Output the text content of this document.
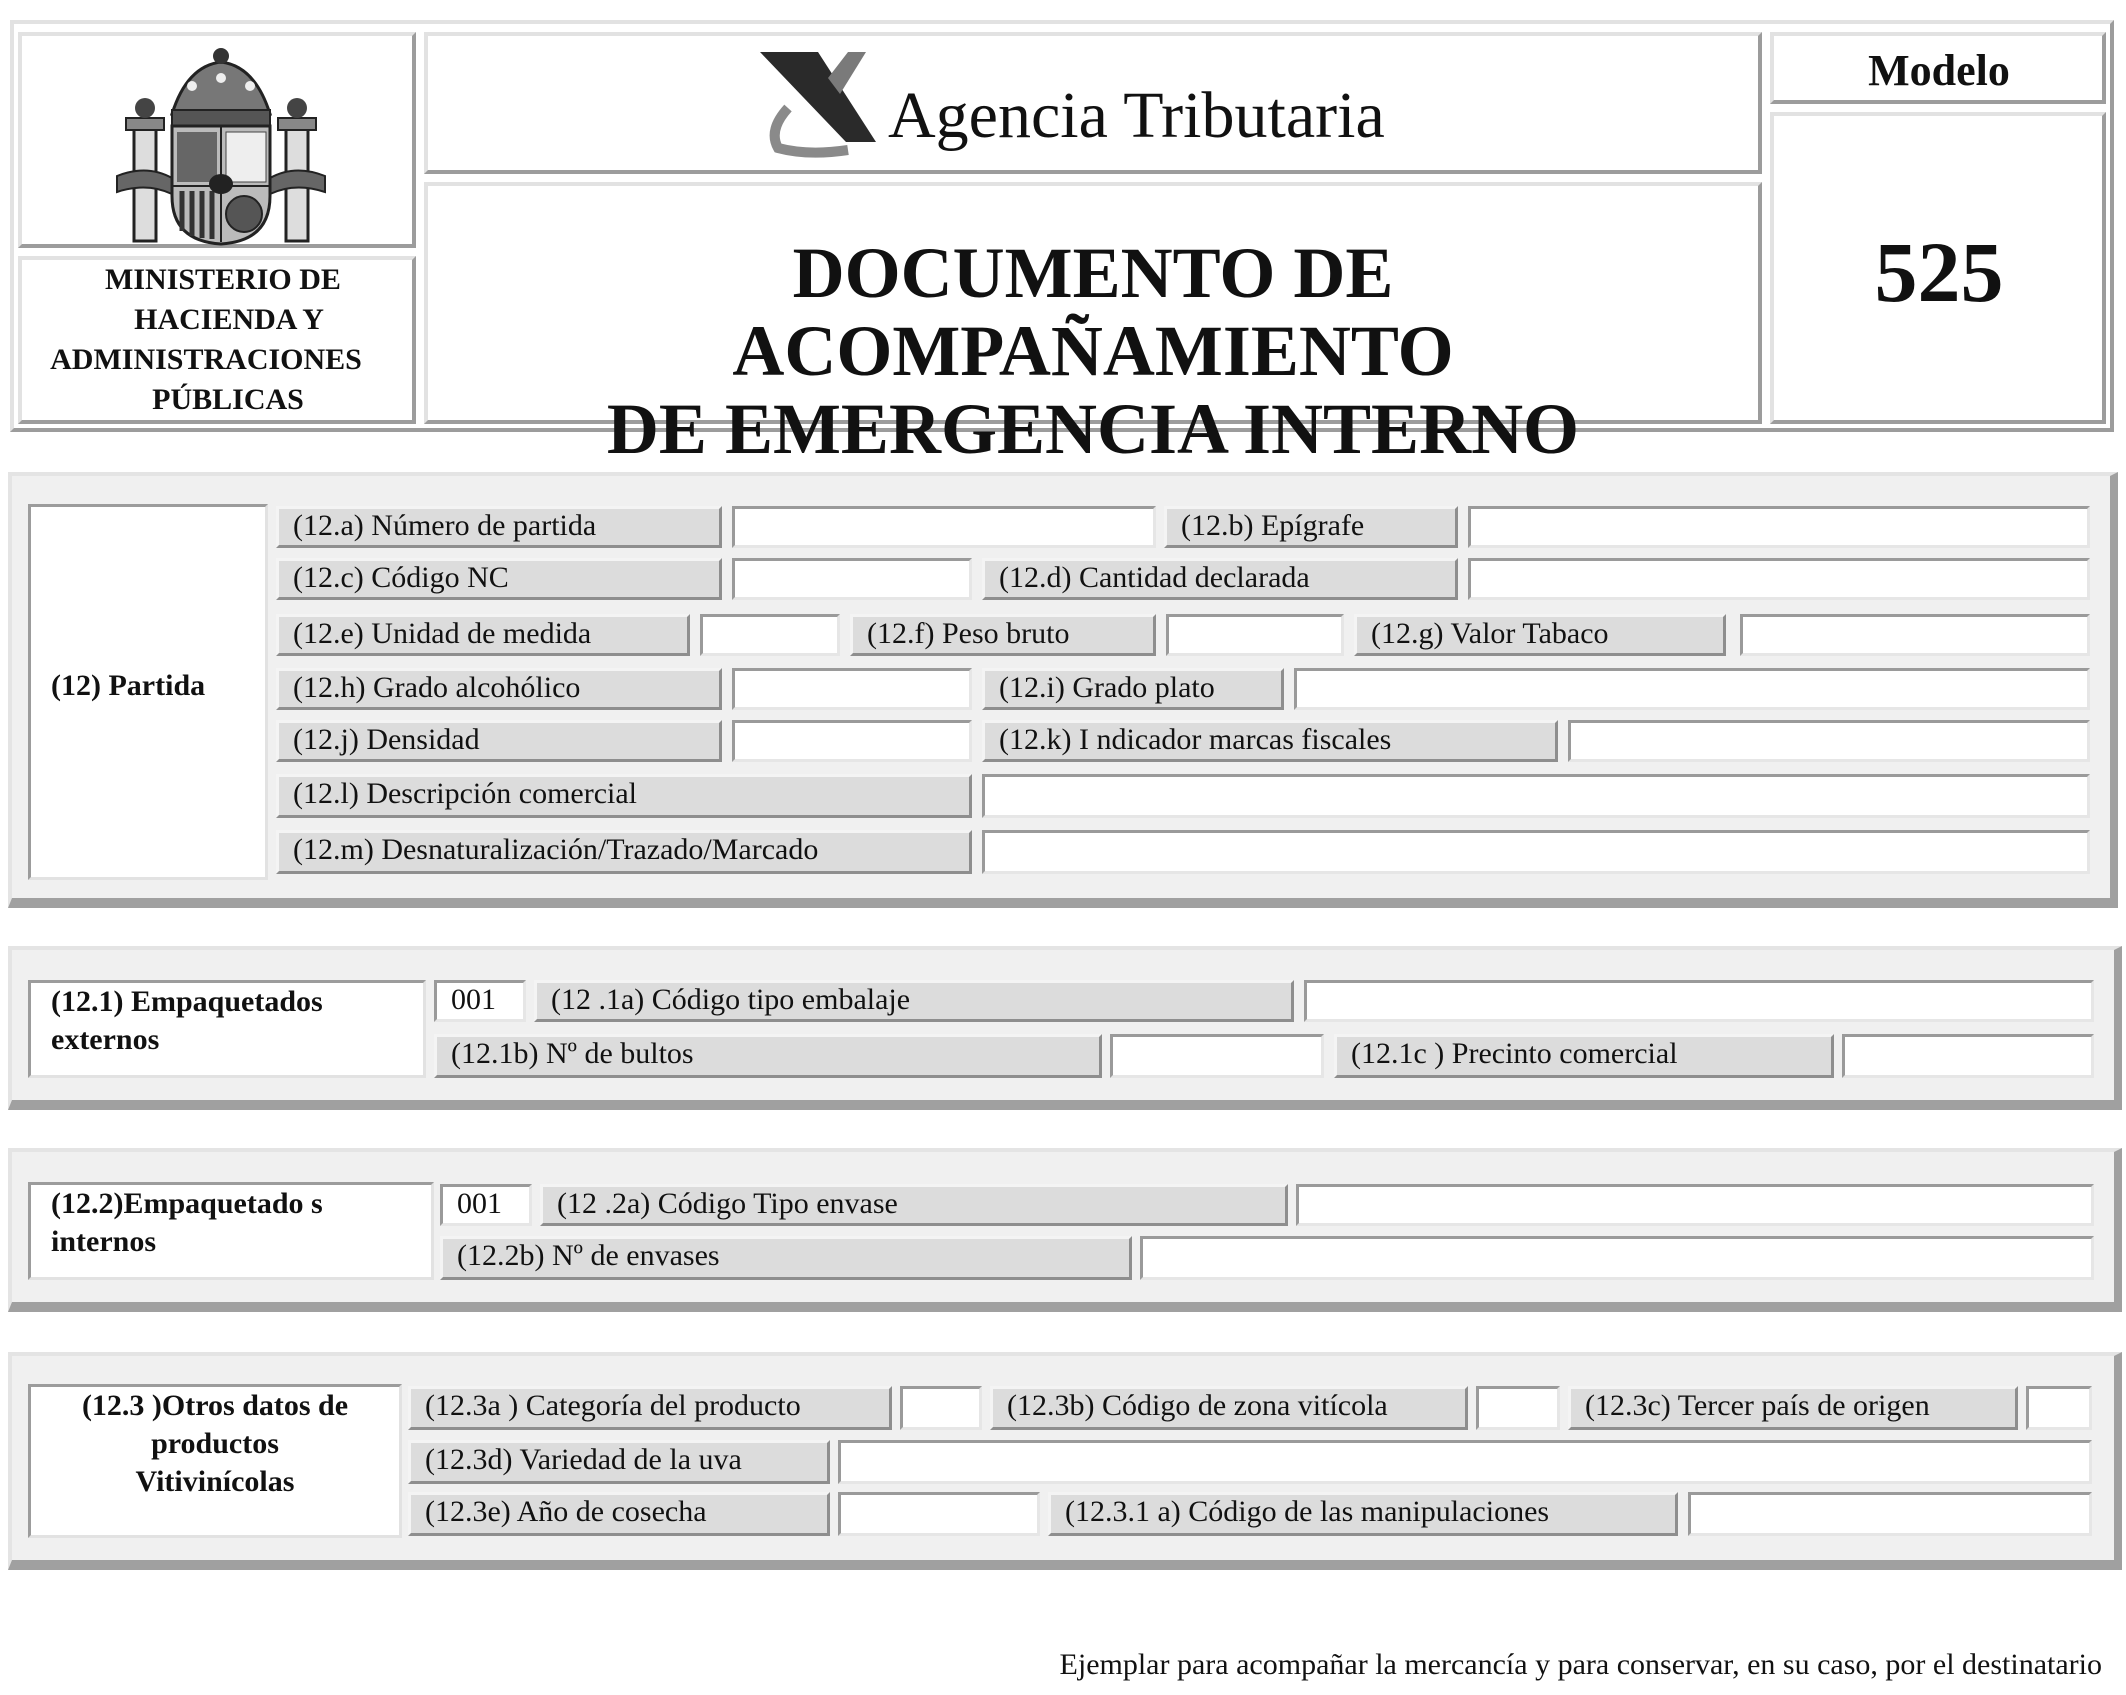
MINISTERIO DE
HACIENDA Y
ADMINISTRACIONES
PÚBLICAS
Agencia Tributaria
DOCUMENTO DE ACOMPAÑAMIENTO
DE EMERGENCIA INTERNO
Modelo
525
(12) Partida
(12.a) Número de partida	(12.b) Epígrafe
(12.c) Código NC	(12.d) Cantidad declarada
(12.e) Unidad de medida	(12.f) Peso bruto	(12.g) Valor Tabaco
(12.h) Grado alcohólico	(12.i) Grado plato
(12.j) Densidad	(12.k) I ndicador marcas fiscales
(12.l) Descripción comercial
(12.m) Desnaturalización/Trazado/Marcado
(12.1) Empaquetados
externos
001	(12 .1a) Código tipo embalaje
(12.1b) Nº de bultos	(12.1c ) Precinto comercial
(12.2)Empaquetado s
internos
001	(12 .2a) Código Tipo envase
(12.2b) Nº de envases
(12.3 )Otros datos de
productos
Vitivinícolas
(12.3a ) Categoría del producto	(12.3b) Código de zona vitícola	(12.3c) Tercer país de origen
(12.3d) Variedad de la uva
(12.3e) Año de cosecha	(12.3.1 a) Código de las manipulaciones
Ejemplar para acompañar la mercancía y para conservar, en su caso, por el destinatario
